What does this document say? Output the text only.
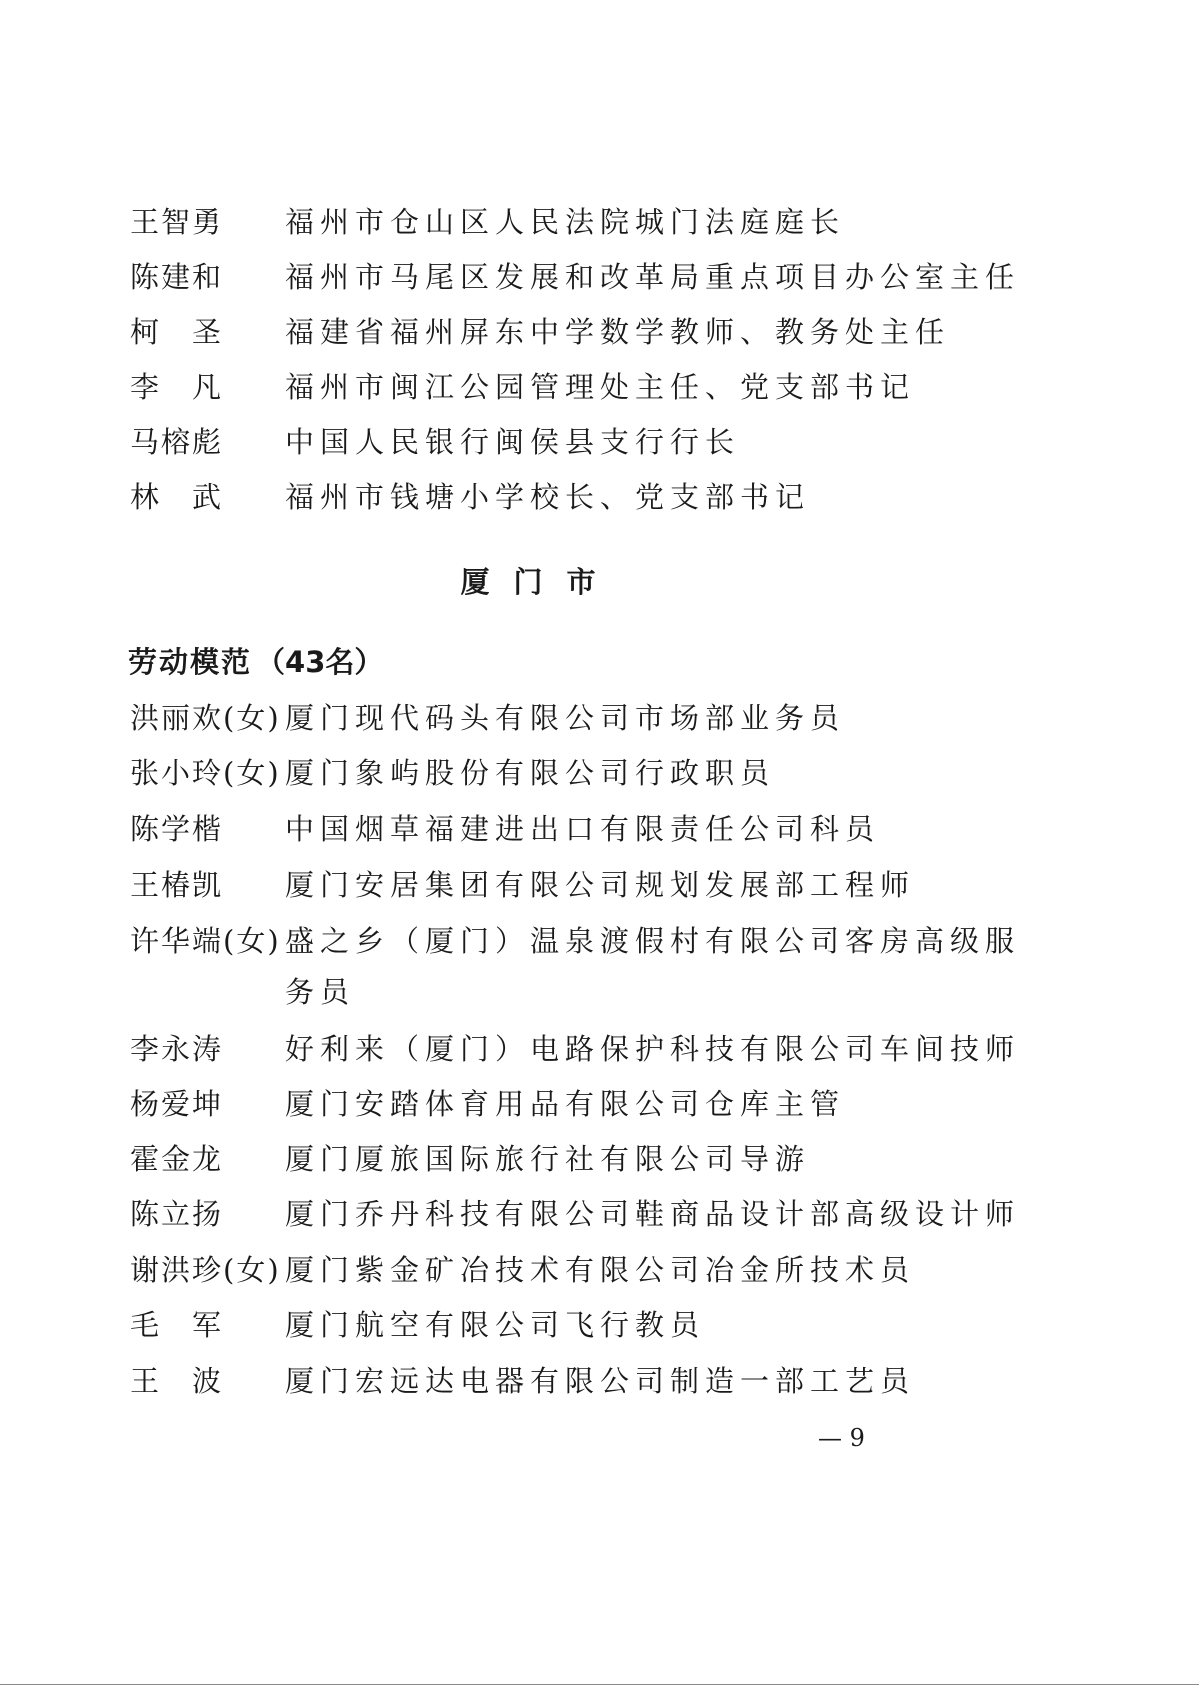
王智勇	福州市仓山区人民法院城门法庭庭长
陈建和	福州市马尾区发展和改革局重点项目办公室主任
柯　圣	福建省福州屏东中学数学教师、教务处主任
李　凡	福州市闽江公园管理处主任、党支部书记
马榕彪	中国人民银行闽侯县支行行长
林　武	福州市钱塘小学校长、党支部书记
厦门市
劳动模范 （43名）
洪丽欢(女) 厦门现代码头有限公司市场部业务员
张小玲(女) 厦门象屿股份有限公司行政职员
陈学楷	中国烟草福建进出口有限责任公司科员
王椿凯	厦门安居集团有限公司规划发展部工程师
许华端(女) 盛之乡（厦门）温泉渡假村有限公司客房高级服
务员
李永涛	好利来（厦门）电路保护科技有限公司车间技师
杨爱坤	厦门安踏体育用品有限公司仓库主管
霍金龙	厦门厦旅国际旅行社有限公司导游
陈立扬	厦门乔丹科技有限公司鞋商品设计部高级设计师
谢洪珍(女) 厦门紫金矿冶技术有限公司冶金所技术员
毛　军	厦门航空有限公司飞行教员
王　波	厦门宏远达电器有限公司制造一部工艺员
— 9
